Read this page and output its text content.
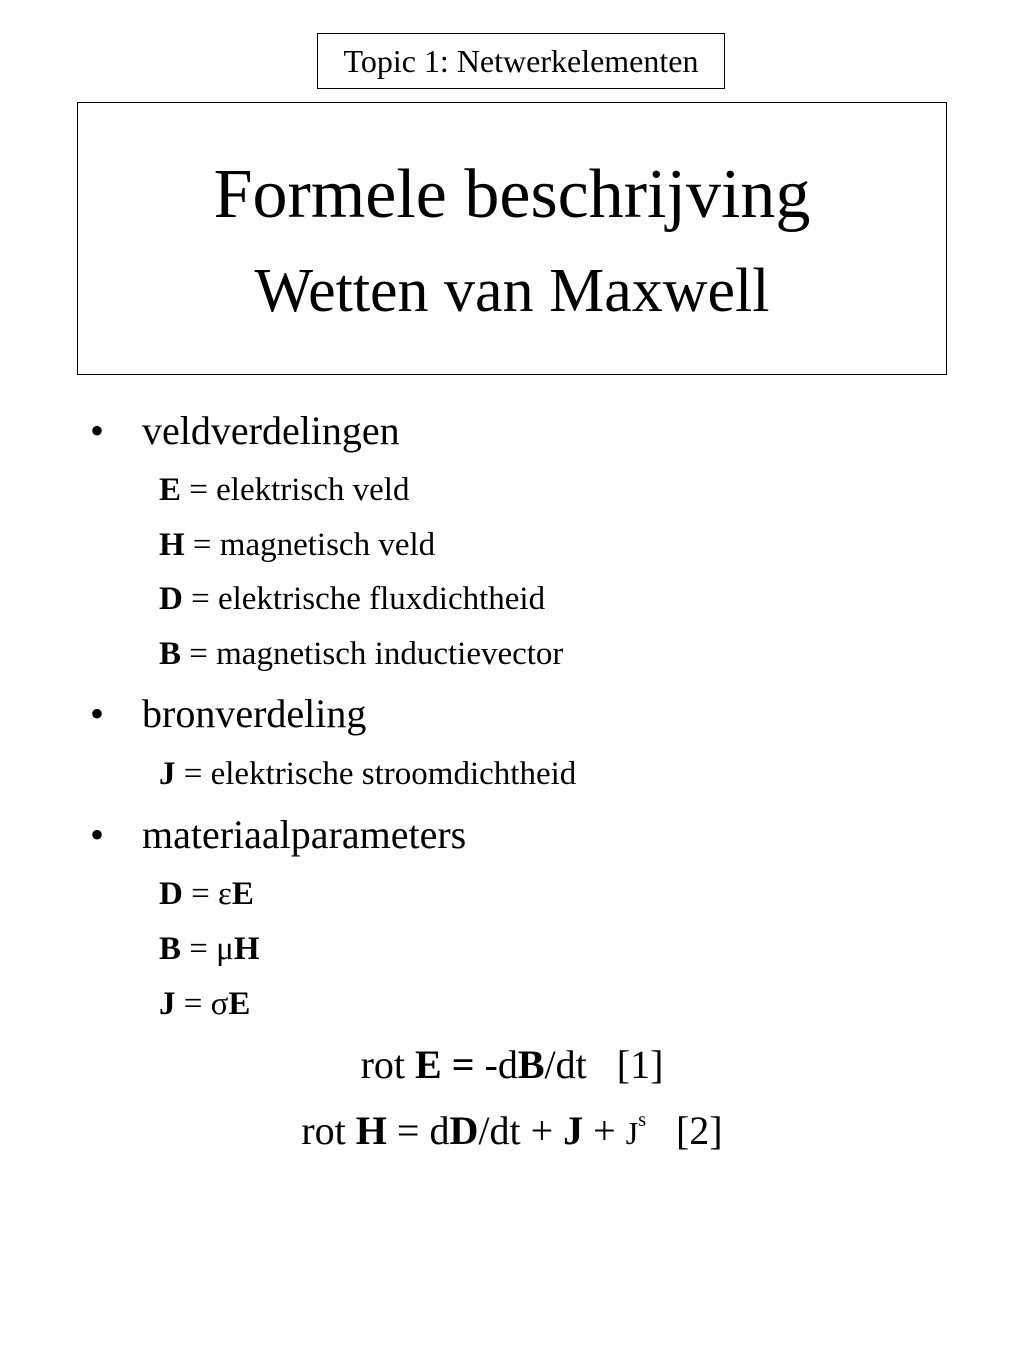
Topic 1: Netwerkelementen
Formele beschrijving
Wetten van Maxwell
• veldverdelingen
E = elektrisch veld
H = magnetisch veld
D = elektrische fluxdichtheid
B = magnetisch inductievector
• bronverdeling
J = elektrische stroomdichtheid
• materiaalparameters
D = εE
B = μH
J = σE
rot E = -dB/dt   [1]
rot $H = dD/dt + J + J^s$   [2]
